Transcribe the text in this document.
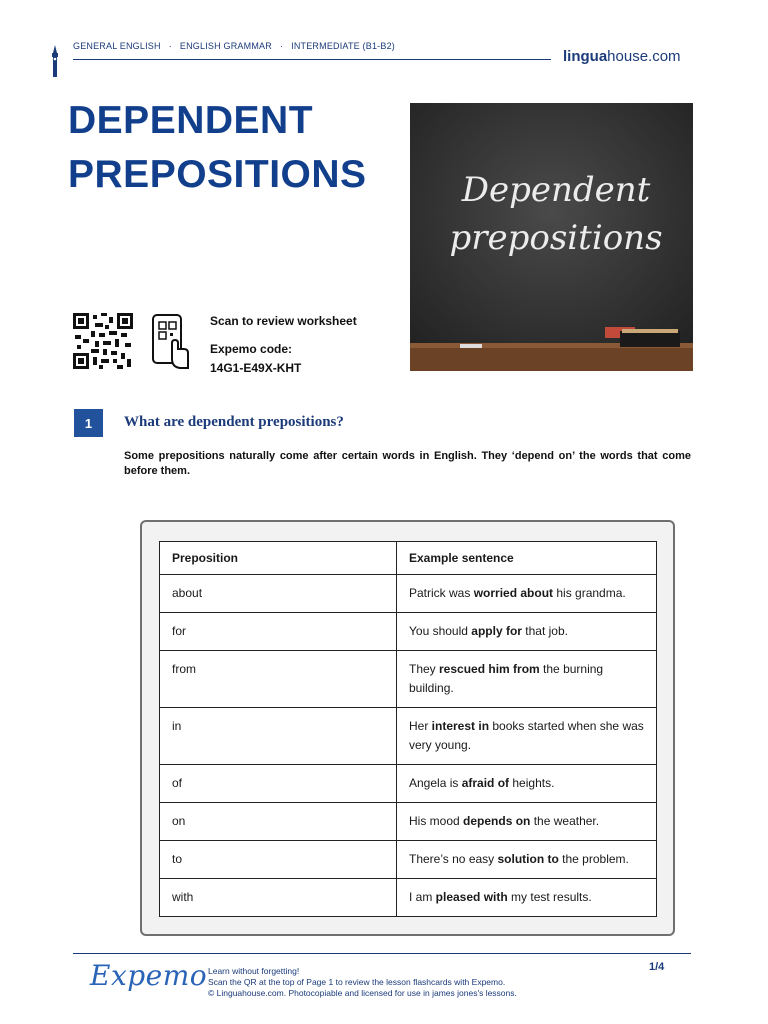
GENERAL ENGLISH · ENGLISH GRAMMAR · INTERMEDIATE (B1-B2)
linguahouse.com
DEPENDENT
PREPOSITIONS	Dependent
prepositions
Scan to review worksheet
Expemo code:
14G1-E49X-KHT
1	What are dependent prepositions?
Some prepositions naturally come after certain words in English. They ‘depend on’ the words that come before them.
Preposition	Example sentence
about	Patrick was worried about his grandma.
for	You should apply for that job.
from	They rescued him from the burning building.
in	Her interest in books started when she was very young.
of	Angela is afraid of heights.
on	His mood depends on the weather.
to	There’s no easy solution to the problem.
with	I am pleased with my test results.
Expemo Learn without forgetting!
Scan the QR at the top of Page 1 to review the lesson flashcards with Expemo.
© Linguahouse.com. Photocopiable and licensed for use in james jones's lessons.
1/4
